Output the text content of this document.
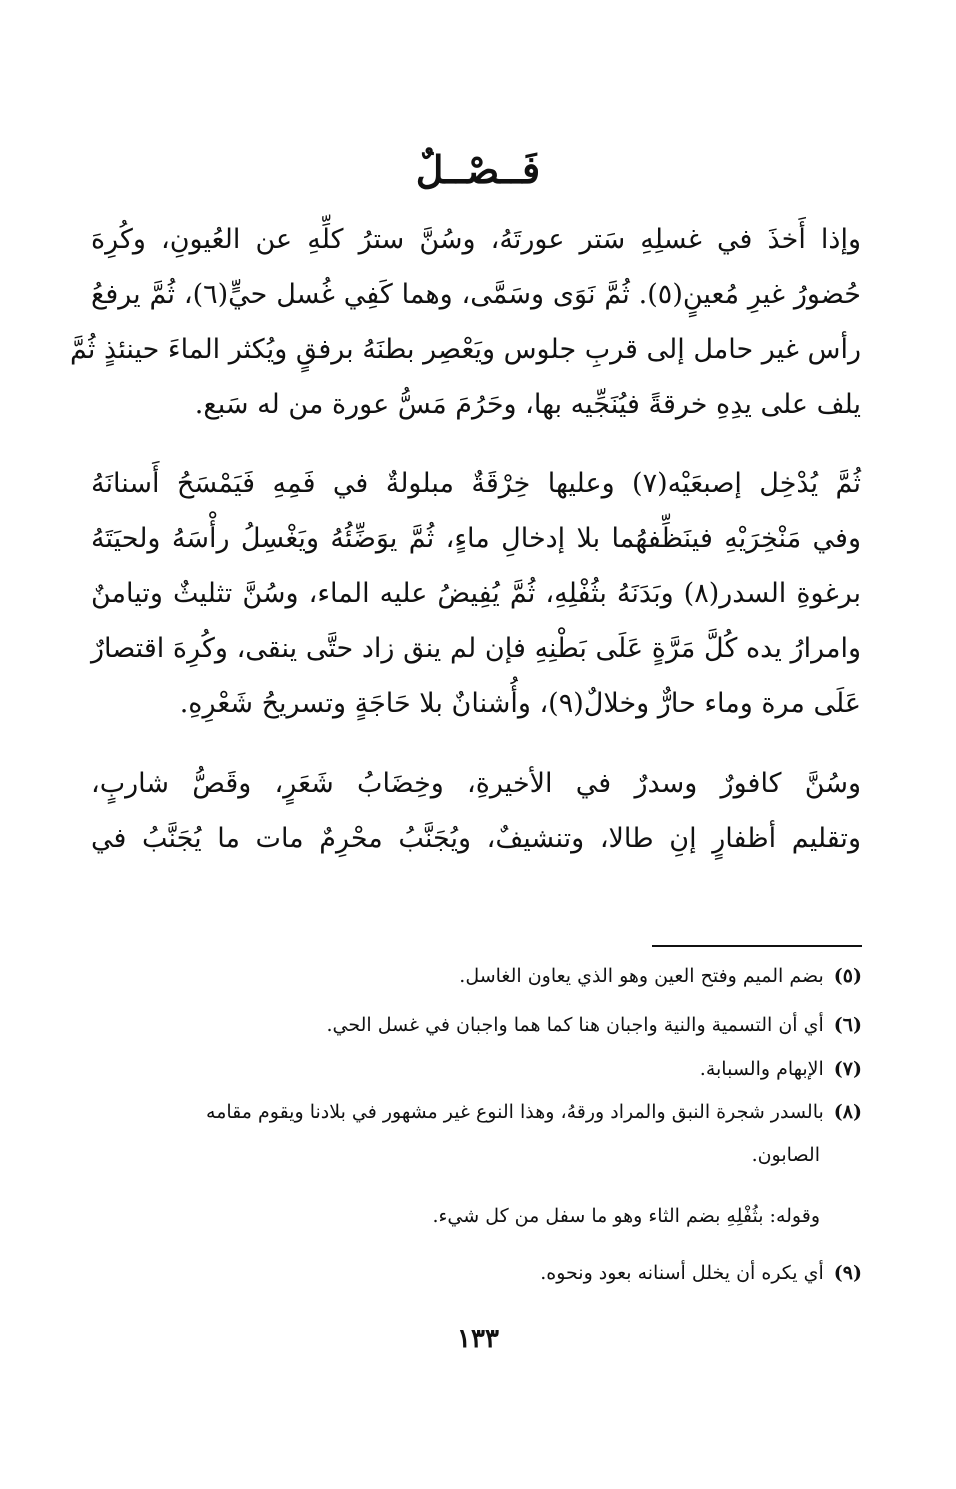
فَــصْــلٌ
وإذا أَخذَ في غسلِهِ سَتر عورتَهُ، وسُنَّ سترُ كلِّهِ عن العُيونِ، وكُرِهَ
حُضورُ غيرِ مُعينٍ(٥). ثُمَّ نَوَى وسَمَّى، وهما كَفِي غُسل حيٍّ(٦)، ثُمَّ يرفعُ
رأس غير حامل إلى قربِ جلوس ويَعْصِر بطنَهُ برفقٍ ويُكثر الماءَ حينئذٍ ثُمَّ
يلف على يدِهِ خرقةً فيُنَجِّيه بها، وحَرُمَ مَسُّ عورة من له سَبع.
ثُمَّ يُدْخِل إصبعَيْه(٧) وعليها خِرْقَةٌ مبلولةٌ في فَمِهِ فَيَمْسَحُ أَسنانَهُ
وفي مَنْخِرَيْهِ فينَظِّفهُما بلا إدخالِ ماءٍ، ثُمَّ يوَضِّئُهُ ويَغْسِلُ رأْسَهُ ولحيَتَهُ
برغوةِ السدر(٨) وبَدَنَهُ بثُفْلِهِ، ثُمَّ يُفِيضُ عليه الماء، وسُنَّ تثليثٌ وتيامنٌ
وامرارُ يده كُلَّ مَرَّةٍ عَلَى بَطْنِهِ فإن لم ينق زاد حتَّى ينقى، وكُرِهَ اقتصارٌ
عَلَى مرة وماء حارٌّ وخلالٌ(٩)، وأُشنانٌ بلا حَاجَةٍ وتسريحُ شَعْرِهِ.
وسُنَّ كافورٌ وسدرٌ في الأخيرةِ، وخِضَابُ شَعَرٍ، وقَصُّ شاربٍ،
وتقليم أظفارٍ إنِ طالا، وتنشيفٌ، ويُجَنَّبُ محْرِمٌ مات ما يُجَنَّبُ في
(٥)بضم الميم وفتح العين وهو الذي يعاون الغاسل.
(٦)أي أن التسمية والنية واجبان هنا كما هما واجبان في غسل الحي.
(٧)الإبهام والسبابة.
(٨)بالسدر شجرة النبق والمراد ورقهُ، وهذا النوع غير مشهور في بلادنا ويقوم مقامه
الصابون.
وقوله: بثُفْلِهِ بضم الثاء وهو ما سفل من كل شيء.
(٩)أي يكره أن يخلل أسنانه بعود ونحوه.
١٣٣
